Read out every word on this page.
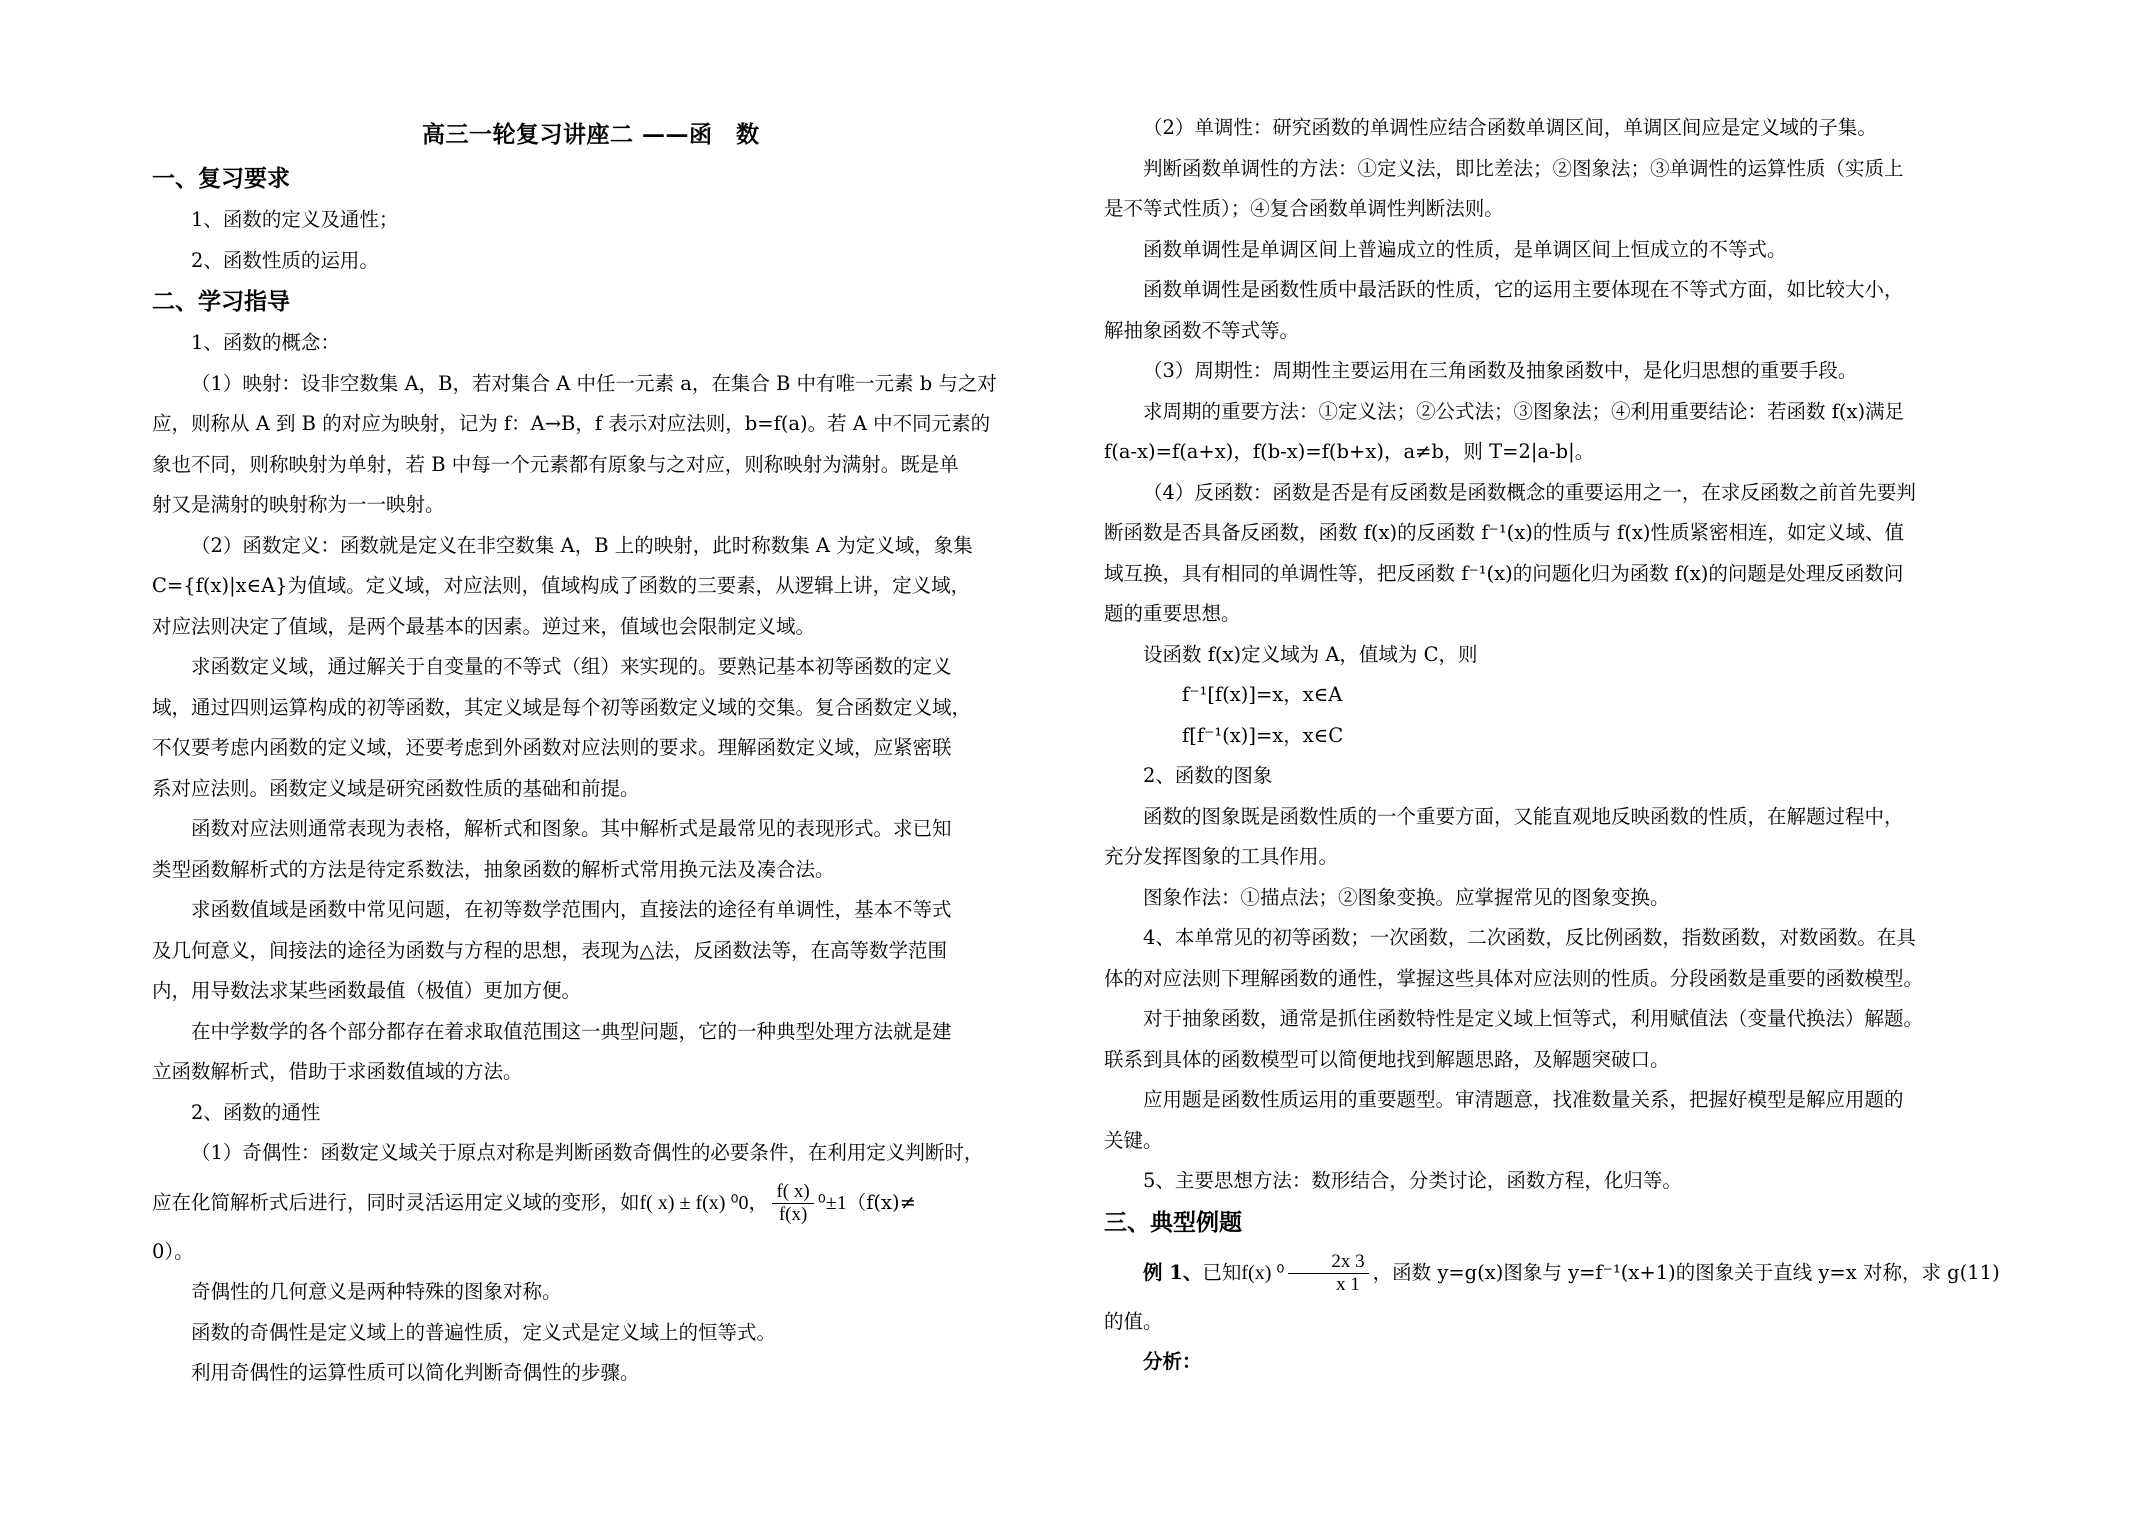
高三一轮复习讲座二 ——函　数
一、复习要求
1、函数的定义及通性；
2、函数性质的运用。
二、学习指导
1、函数的概念：
（1）映射：设非空数集 A，B，若对集合 A 中任一元素 a，在集合 B 中有唯一元素 b 与之对
应，则称从 A 到 B 的对应为映射，记为 f：A→B，f 表示对应法则，b=f(a)。若 A 中不同元素的
象也不同，则称映射为单射，若 B 中每一个元素都有原象与之对应，则称映射为满射。既是单
射又是满射的映射称为一一映射。
（2）函数定义：函数就是定义在非空数集 A，B 上的映射，此时称数集 A 为定义域，象集
C={f(x)|x∈A}为值域。定义域，对应法则，值域构成了函数的三要素，从逻辑上讲，定义域，
对应法则决定了值域，是两个最基本的因素。逆过来，值域也会限制定义域。
求函数定义域，通过解关于自变量的不等式（组）来实现的。要熟记基本初等函数的定义
域，通过四则运算构成的初等函数，其定义域是每个初等函数定义域的交集。复合函数定义域，
不仅要考虑内函数的定义域，还要考虑到外函数对应法则的要求。理解函数定义域，应紧密联
系对应法则。函数定义域是研究函数性质的基础和前提。
函数对应法则通常表现为表格，解析式和图象。其中解析式是最常见的表现形式。求已知
类型函数解析式的方法是待定系数法，抽象函数的解析式常用换元法及凑合法。
求函数值域是函数中常见问题，在初等数学范围内，直接法的途径有单调性，基本不等式
及几何意义，间接法的途径为函数与方程的思想，表现为△法，反函数法等，在高等数学范围
内，用导数法求某些函数最值（极值）更加方便。
在中学数学的各个部分都存在着求取值范围这一典型问题，它的一种典型处理方法就是建
立函数解析式，借助于求函数值域的方法。
2、函数的通性
（1）奇偶性：函数定义域关于原点对称是判断函数奇偶性的必要条件，在利用定义判断时，
应在化简解析式后进行，同时灵活运用定义域的变形，如f( x) ± f(x) ⁰0， $\frac{f( x)}{f(x)} ^0\pm 1(f(x)\ne$
0）。
奇偶性的几何意义是两种特殊的图象对称。
函数的奇偶性是定义域上的普遍性质，定义式是定义域上的恒等式。
利用奇偶性的运算性质可以简化判断奇偶性的步骤。
（2）单调性：研究函数的单调性应结合函数单调区间，单调区间应是定义域的子集。
判断函数单调性的方法：①定义法，即比差法；②图象法；③单调性的运算性质（实质上
是不等式性质）；④复合函数单调性判断法则。
函数单调性是单调区间上普遍成立的性质，是单调区间上恒成立的不等式。
函数单调性是函数性质中最活跃的性质，它的运用主要体现在不等式方面，如比较大小，
解抽象函数不等式等。
（3）周期性：周期性主要运用在三角函数及抽象函数中，是化归思想的重要手段。
求周期的重要方法：①定义法；②公式法；③图象法；④利用重要结论：若函数 f(x)满足
f(a-x)=f(a+x)，f(b-x)=f(b+x)，a≠b，则 T=2|a-b|。
（4）反函数：函数是否是有反函数是函数概念的重要运用之一，在求反函数之前首先要判
断函数是否具备反函数，函数 f(x)的反函数 f⁻¹(x)的性质与 f(x)性质紧密相连，如定义域、值
域互换，具有相同的单调性等，把反函数 f⁻¹(x)的问题化归为函数 f(x)的问题是处理反函数问
题的重要思想。
设函数 f(x)定义域为 A，值域为 C，则
f⁻¹[f(x)]=x，x∈A
f[f⁻¹(x)]=x，x∈C
2、函数的图象
函数的图象既是函数性质的一个重要方面，又能直观地反映函数的性质，在解题过程中，
充分发挥图象的工具作用。
图象作法：①描点法；②图象变换。应掌握常见的图象变换。
4、本单常见的初等函数；一次函数，二次函数，反比例函数，指数函数，对数函数。在具
体的对应法则下理解函数的通性，掌握这些具体对应法则的性质。分段函数是重要的函数模型。
对于抽象函数，通常是抓住函数特性是定义域上恒等式，利用赋值法（变量代换法）解题。
联系到具体的函数模型可以简便地找到解题思路，及解题突破口。
应用题是函数性质运用的重要题型。审清题意，找准数量关系，把握好模型是解应用题的
关键。
5、主要思想方法：数形结合，分类讨论，函数方程，化归等。
三、典型例题
例 1、已知f(x) $^0 \frac{2x 3}{x 1}$ ，函数 y=g(x)图象与 y=f⁻¹(x+1)的图象关于直线 y=x 对称，求 g(11)
的值。
分析：
